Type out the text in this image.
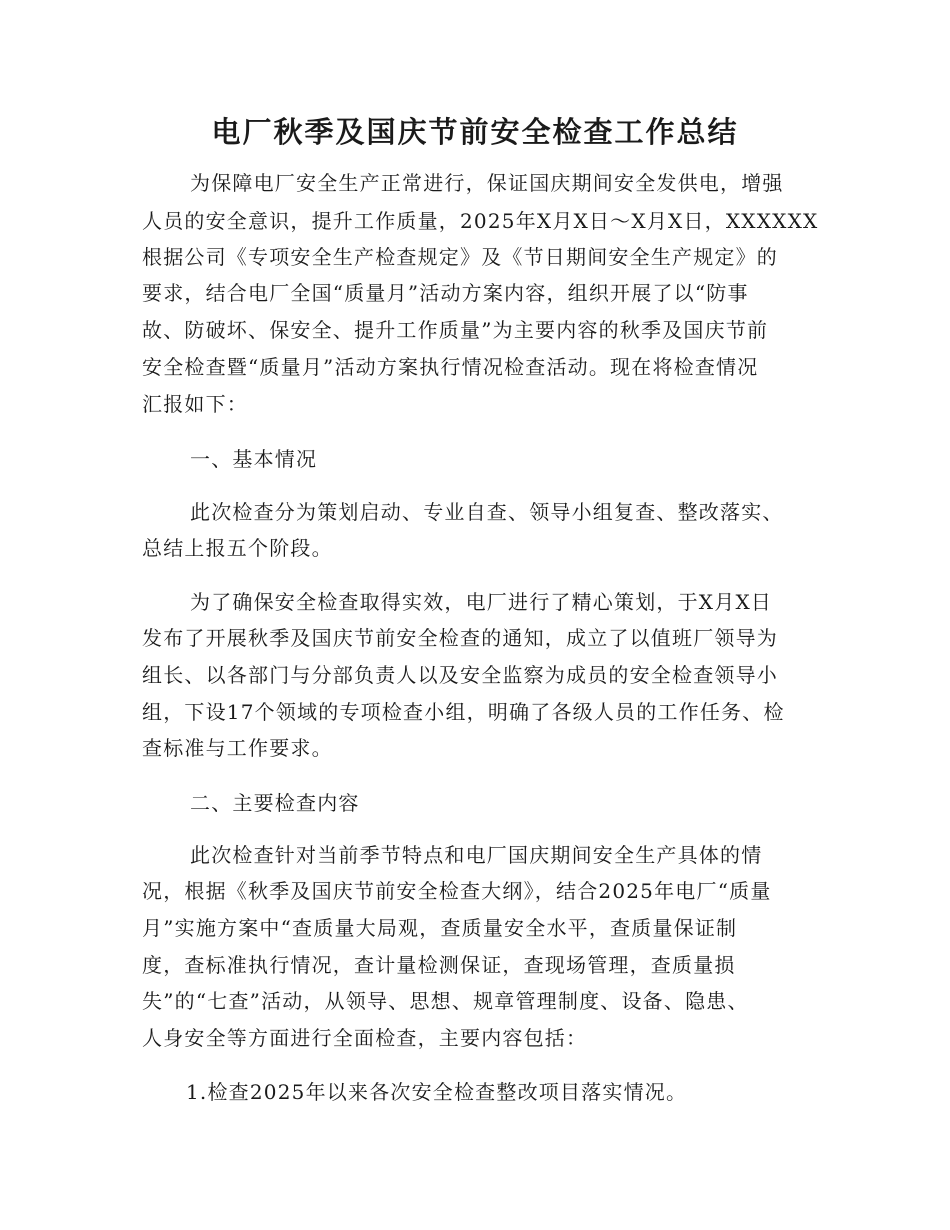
电厂秋季及国庆节前安全检查工作总结
为保障电厂安全生产正常进行，保证国庆期间安全发供电，增强
人员的安全意识，提升工作质量，2025年X月X日～X月X日，XXXXXX
根据公司《专项安全生产检查规定》及《节日期间安全生产规定》的
要求，结合电厂全国“质量月”活动方案内容，组织开展了以“防事
故、防破坏、保安全、提升工作质量”为主要内容的秋季及国庆节前
安全检查暨“质量月”活动方案执行情况检查活动。现在将检查情况
汇报如下：
一、基本情况
此次检查分为策划启动、专业自查、领导小组复查、整改落实、
总结上报五个阶段。
为了确保安全检查取得实效，电厂进行了精心策划，于X月X日
发布了开展秋季及国庆节前安全检查的通知，成立了以值班厂领导为
组长、以各部门与分部负责人以及安全监察为成员的安全检查领导小
组，下设17个领域的专项检查小组，明确了各级人员的工作任务、检
查标准与工作要求。
二、主要检查内容
此次检查针对当前季节特点和电厂国庆期间安全生产具体的情
况，根据《秋季及国庆节前安全检查大纲》，结合2025年电厂“质量
月”实施方案中“查质量大局观，查质量安全水平，查质量保证制
度，查标准执行情况，查计量检测保证，查现场管理，查质量损
失”的“七查”活动，从领导、思想、规章管理制度、设备、隐患、
人身安全等方面进行全面检查，主要内容包括：
1.检查2025年以来各次安全检查整改项目落实情况。
